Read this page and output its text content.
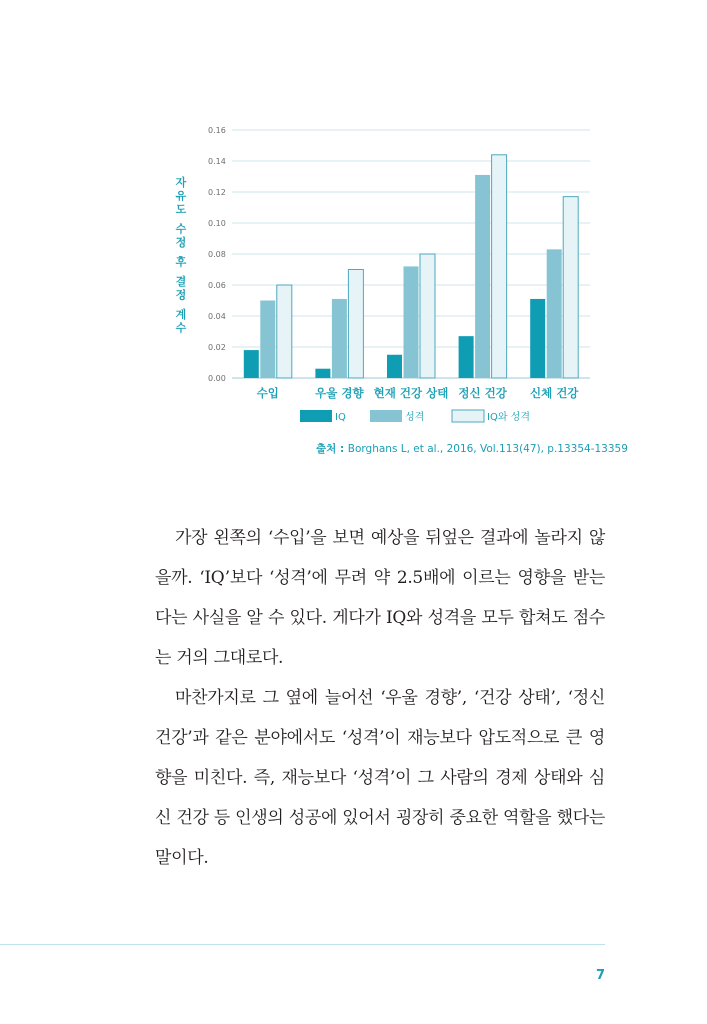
0.00
0.02
0.04
0.06
0.08
0.10
0.12
0.14
0.16
자
유
도
수
정
후
결
정
계
수
수입	우울 경향 현재 건강 상태 정신 건강 신체 건강
IQ	성격	IQ와 성격
출처 : Borghans L, et al., 2016, Vol.113(47), p.13354-13359

가장 왼쪽의 ‘수입’을 보면 예상을 뒤엎은 결과에 놀라지 않을까. ‘IQ’보다 ‘성격’에 무려 약 2.5배에 이르는 영향을 받는다는 사실을 알 수 있다. 게다가 IQ와 성격을 모두 합쳐도 점수는 거의 그대로다.

마찬가지로 그 옆에 늘어선 ‘우울 경향’, ‘건강 상태’, ‘정신 건강’과 같은 분야에서도 ‘성격’이 재능보다 압도적으로 큰 영향을 미친다. 즉, 재능보다 ‘성격’이 그 사람의 경제 상태와 심신 건강 등 인생의 성공에 있어서 굉장히 중요한 역할을 했다는 말이다.

7
